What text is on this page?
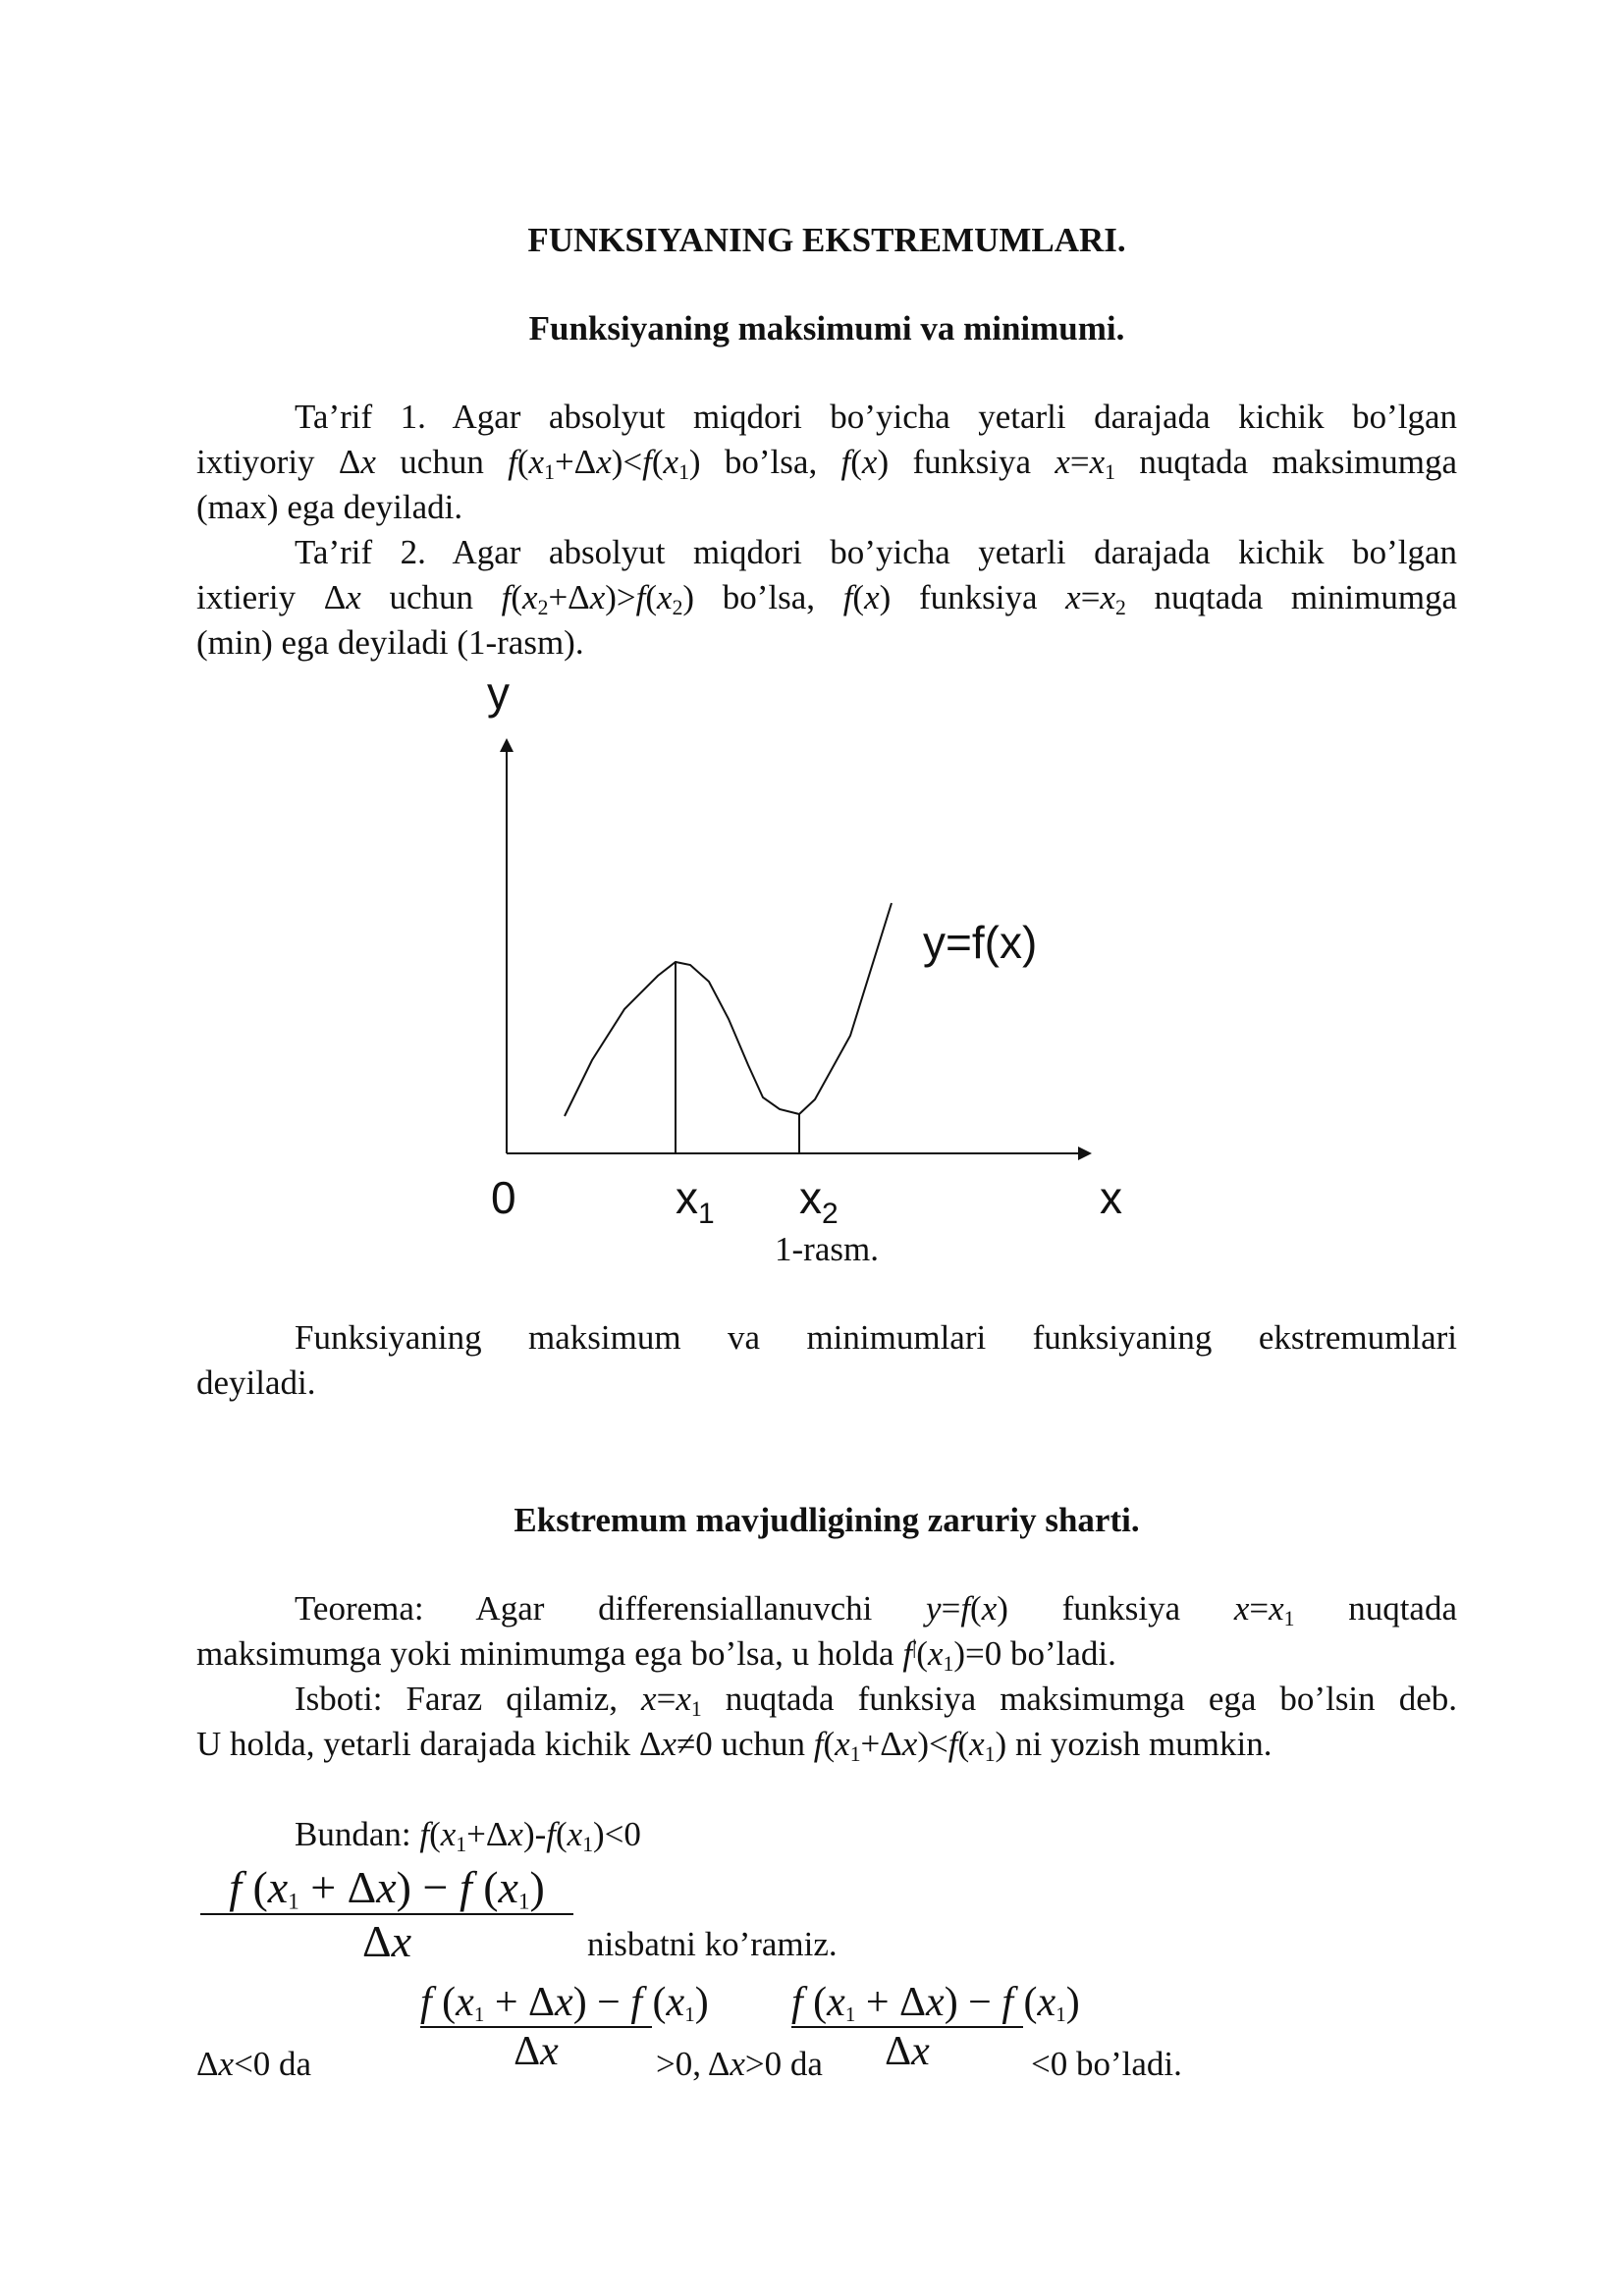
FUNKSIYANING EKSTREMUMLARI.
Funksiyaning maksimumi va minimumi.
Ta’rif 1. Agar absolyut miqdori bo’yicha yetarli darajada kichik bo’lgan
ixtiyoriy Δx uchun $f(x_1+\Delta x)<f(x_1)$ bo’lsa, f(x) funksiya $x=x_1$ nuqtada maksimumga
(max) ega deyiladi.
Ta’rif 2. Agar absolyut miqdori bo’yicha yetarli darajada kichik bo’lgan
ixtieriy Δx uchun $f(x_2+\Delta x)>f(x_2)$ bo’lsa, f(x) funksiya $x=x_2$ nuqtada minimumga
(min) ega deyiladi (1-rasm).
y
x
0	$x_1$ $x_2$
y=f(x)
1-rasm.
Funksiyaning maksimum va minimumlari funksiyaning ekstremumlari
deyiladi.
Ekstremum mavjudligining zaruriy sharti.
Teorema: Agar differensiallanuvchi y=f(x) funksiya $x=x_1$ nuqtada
maksimumga yoki minimumga ega bo’lsa, u holda $f^|(x_1)=0$ bo’ladi.
Isboti: Faraz qilamiz, $x=x_1$ nuqtada funksiya maksimumga ega bo’lsin deb.
U holda, yetarli darajada kichik Δx≠0 uchun $f(x_1+\Delta x)<f(x_1)$ ni yozish mumkin.
Bundan: $f(x_1+\Delta x)-f(x_1)<0$
f $(x_1 + \Delta x) - f$ $(x_1)$
Δx	nisbatni ko’ramiz.
Δx<0 da
f $(x_1 + \Delta x) - f$ $(x_1)$
Δx	>0, Δx>0 da
f $(x_1 + \Delta x) - f$ $(x_1)$
Δx	<0 bo’ladi.
